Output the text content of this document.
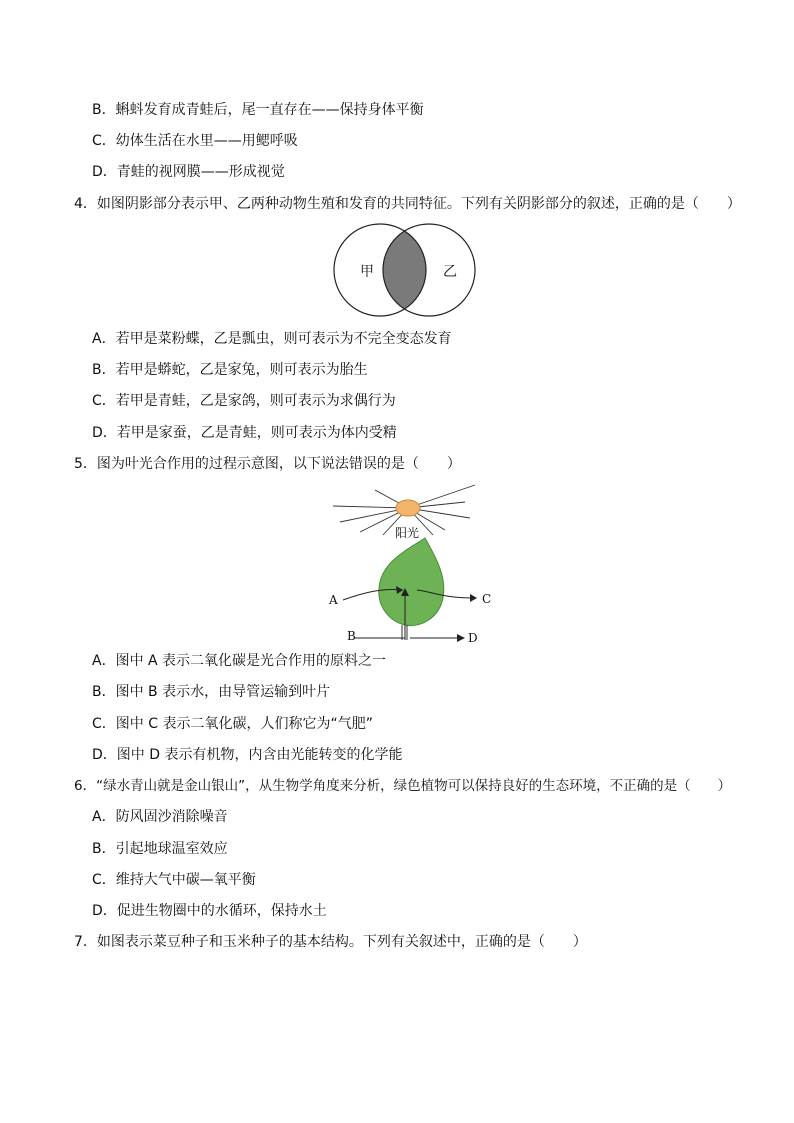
B．蝌蚪发育成青蛙后，尾一直存在——保持身体平衡
C．幼体生活在水里——用鳃呼吸
D．青蛙的视网膜——形成视觉
4．如图阴影部分表示甲、乙两种动物生殖和发育的共同特征。下列有关阴影部分的叙述，正确的是（　　）
甲	乙
A．若甲是菜粉蝶，乙是瓢虫，则可表示为不完全变态发育
B．若甲是蟒蛇，乙是家兔，则可表示为胎生
C．若甲是青蛙，乙是家鸽，则可表示为求偶行为
D．若甲是家蚕，乙是青蛙，则可表示为体内受精
5．图为叶光合作用的过程示意图，以下说法错误的是（　　）
阳光
A	C
B	D
A．图中 A 表示二氧化碳是光合作用的原料之一
B．图中 B 表示水，由导管运输到叶片
C．图中 C 表示二氧化碳，人们称它为“气肥”
D．图中 D 表示有机物，内含由光能转变的化学能
6．“绿水青山就是金山银山”，从生物学角度来分析，绿色植物可以保持良好的生态环境，不正确的是（　　）
A．防风固沙消除噪音
B．引起地球温室效应
C．维持大气中碳—氧平衡
D．促进生物圈中的水循环，保持水土
7．如图表示菜豆种子和玉米种子的基本结构。下列有关叙述中，正确的是（　　）
